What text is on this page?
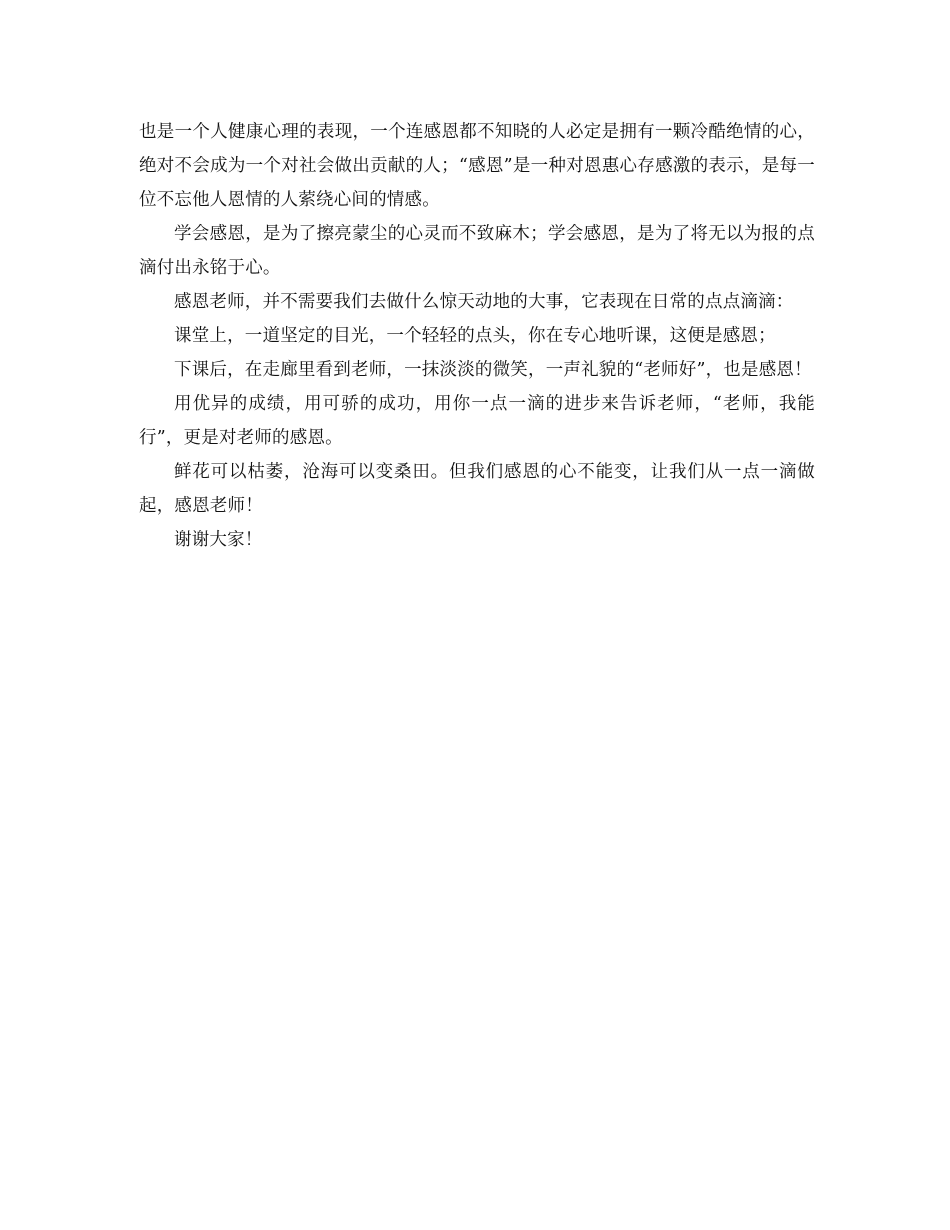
也是一个人健康心理的表现，一个连感恩都不知晓的人必定是拥有一颗冷酷绝情的心，绝对不会成为一个对社会做出贡献的人；“感恩”是一种对恩惠心存感激的表示，是每一位不忘他人恩情的人萦绕心间的情感。

学会感恩，是为了擦亮蒙尘的心灵而不致麻木；学会感恩，是为了将无以为报的点滴付出永铭于心。

感恩老师，并不需要我们去做什么惊天动地的大事，它表现在日常的点点滴滴：

课堂上，一道坚定的目光，一个轻轻的点头，你在专心地听课，这便是感恩；

下课后，在走廊里看到老师，一抹淡淡的微笑，一声礼貌的“老师好”，也是感恩！

用优异的成绩，用可骄的成功，用你一点一滴的进步来告诉老师，“老师，我能行”，更是对老师的感恩。

鲜花可以枯萎，沧海可以变桑田。但我们感恩的心不能变，让我们从一点一滴做起，感恩老师！

谢谢大家！
